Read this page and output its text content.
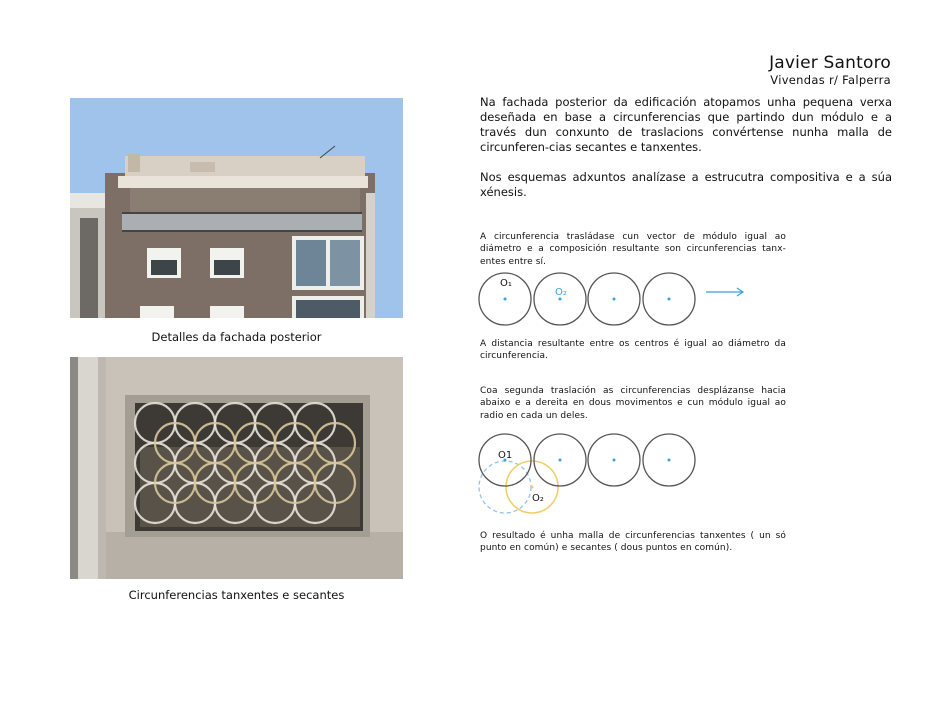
Javier Santoro
Vivendas r/ Falperra

Na fachada posterior da edificación atopamos unha pequena verxa deseñada en base a circunferencias que partindo dun módulo e a través dun conxunto de traslacions convértense nunha malla de circunferen-cias secantes e tanxentes.

Nos esquemas adxuntos analízase a estrucutra compositiva e a súa xénesis.

Detalles da fachada posterior
Circunferencias tanxentes e secantes
A circunferencia trasládase cun vector de módulo igual ao diámetro e a composición resultante son circunferencias tanx-entes entre sí.
O₁
O₂
A distancia resultante entre os centros é igual ao diámetro da circunferencia.
Coa segunda traslación as circunferencias desplázanse hacia abaixo e a dereita en dous movimentos e cun módulo igual ao radio en cada un deles.
O1
O₂
O resultado é unha malla de circunferencias tanxentes ( un só punto en común) e secantes ( dous puntos en común).
